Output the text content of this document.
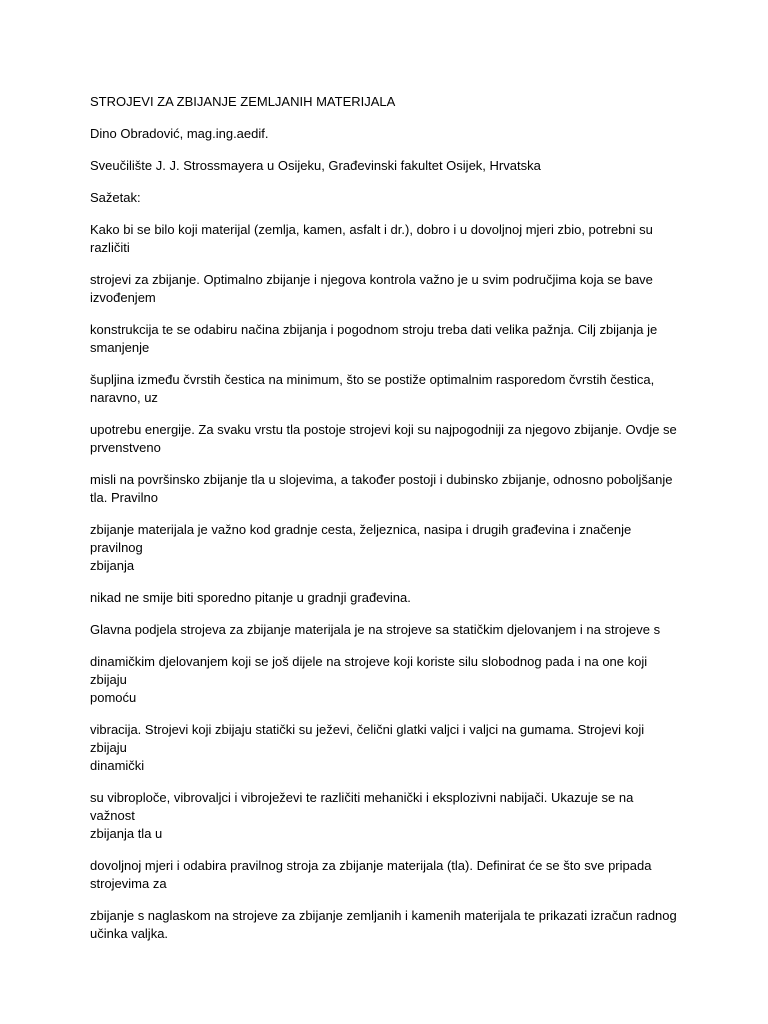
STROJEVI ZA ZBIJANJE ZEMLJANIH MATERIJALA

Dino Obradović, mag.ing.aedif.

Sveučilište J. J. Strossmayera u Osijeku, Građevinski fakultet Osijek, Hrvatska

Sažetak:

Kako bi se bilo koji materijal (zemlja, kamen, asfalt i dr.), dobro i u dovoljnoj mjeri zbio, potrebni su
različiti

strojevi za zbijanje. Optimalno zbijanje i njegova kontrola važno je u svim područjima koja se bave
izvođenjem

konstrukcija te se odabiru načina zbijanja i pogodnom stroju treba dati velika pažnja. Cilj zbijanja je
smanjenje

šupljina između čvrstih čestica na minimum, što se postiže optimalnim rasporedom čvrstih čestica,
naravno, uz

upotrebu energije. Za svaku vrstu tla postoje strojevi koji su najpogodniji za njegovo zbijanje. Ovdje se
prvenstveno

misli na površinsko zbijanje tla u slojevima, a također postoji i dubinsko zbijanje, odnosno poboljšanje
tla. Pravilno

zbijanje materijala je važno kod gradnje cesta, željeznica, nasipa i drugih građevina i značenje pravilnog
zbijanja

nikad ne smije biti sporedno pitanje u gradnji građevina.

Glavna podjela strojeva za zbijanje materijala je na strojeve sa statičkim djelovanjem i na strojeve s

dinamičkim djelovanjem koji se još dijele na strojeve koji koriste silu slobodnog pada i na one koji zbijaju
pomoću

vibracija. Strojevi koji zbijaju statički su ježevi, čelični glatki valjci i valjci na gumama. Strojevi koji zbijaju
dinamički

su vibroploče, vibrovaljci i vibroježevi te različiti mehanički i eksplozivni nabijači. Ukazuje se na važnost
zbijanja tla u

dovoljnoj mjeri i odabira pravilnog stroja za zbijanje materijala (tla). Definirat će se što sve pripada
strojevima za

zbijanje s naglaskom na strojeve za zbijanje zemljanih i kamenih materijala te prikazati izračun radnog
učinka valjka.
